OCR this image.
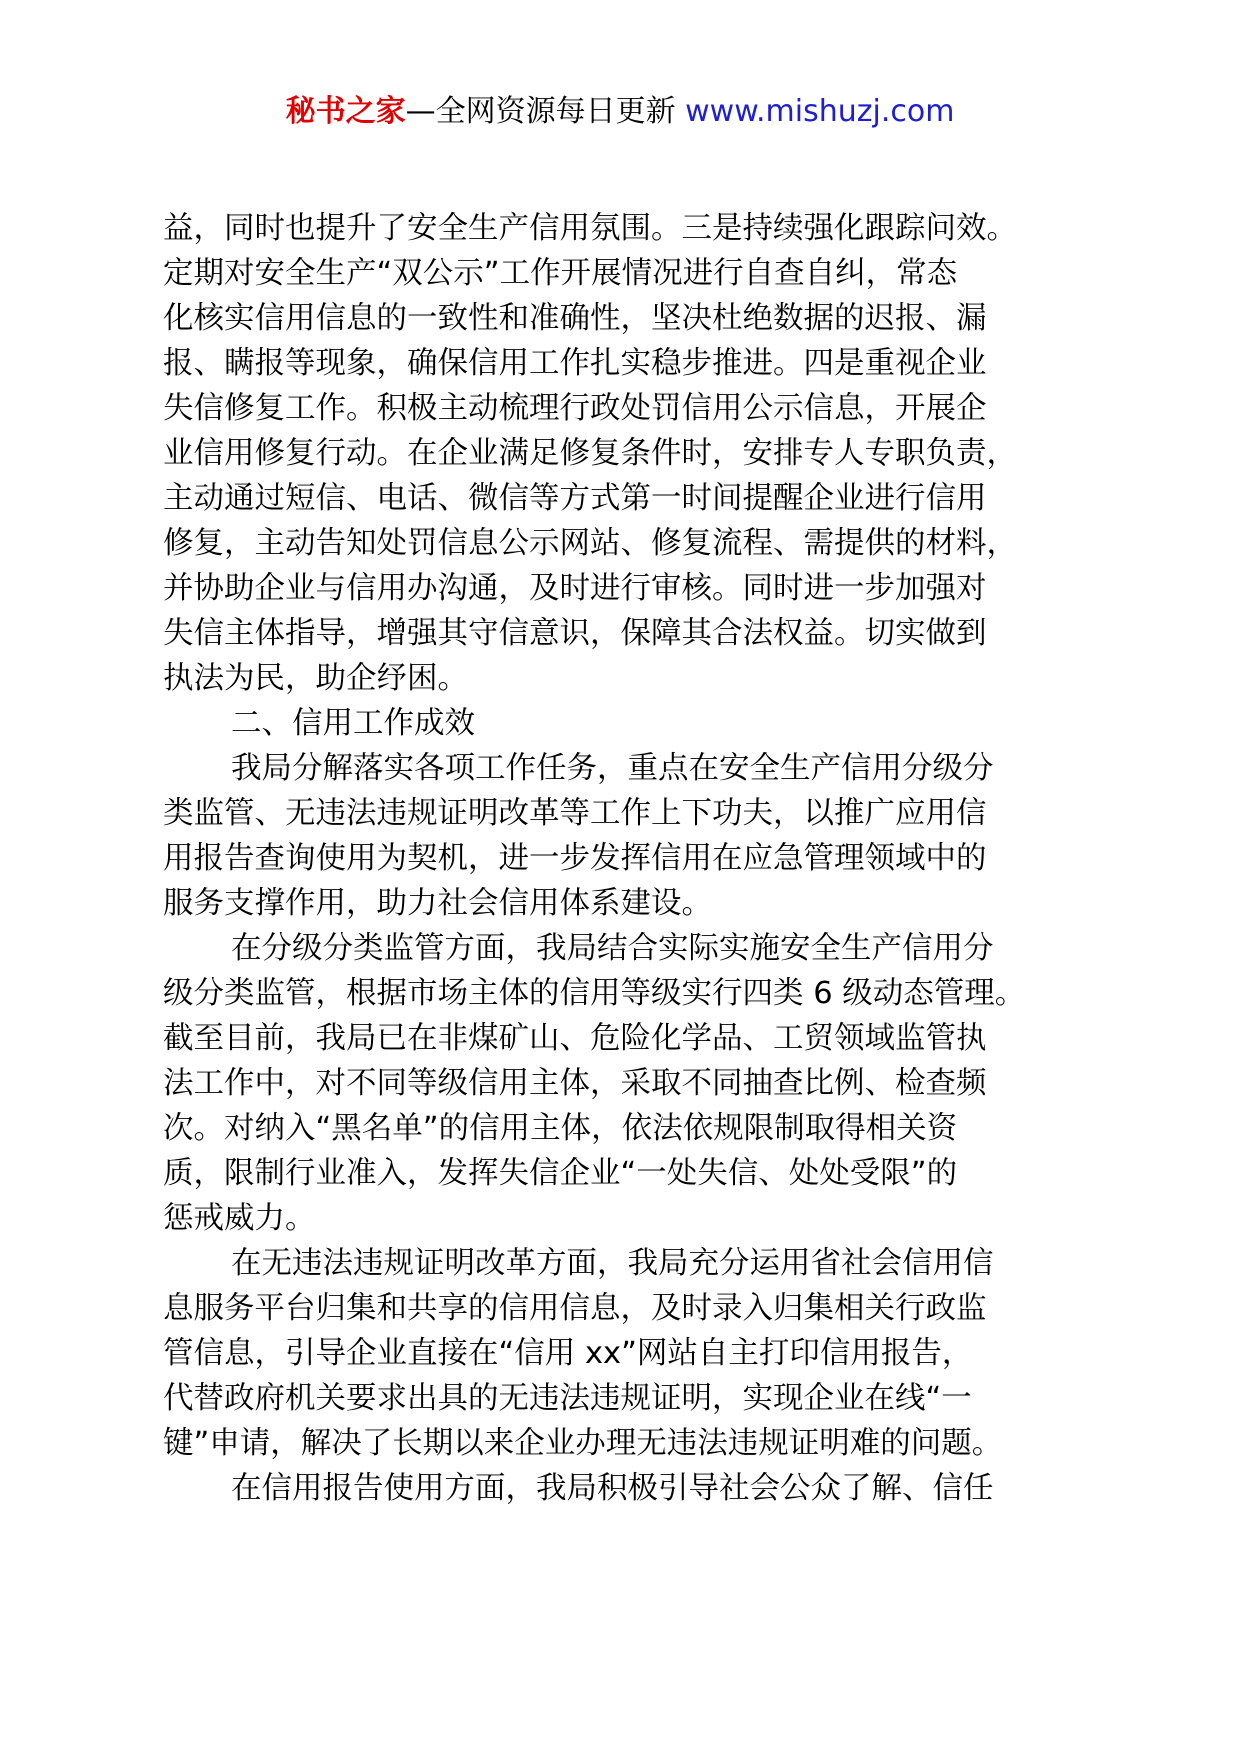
秘书之家—全网资源每日更新 www.mishuzj.com
益，同时也提升了安全生产信用氛围。三是持续强化跟踪问效。
定期对安全生产“双公示”工作开展情况进行自查自纠，常态
化核实信用信息的一致性和准确性，坚决杜绝数据的迟报、漏
报、瞒报等现象，确保信用工作扎实稳步推进。四是重视企业
失信修复工作。积极主动梳理行政处罚信用公示信息，开展企
业信用修复行动。在企业满足修复条件时，安排专人专职负责，
主动通过短信、电话、微信等方式第一时间提醒企业进行信用
修复，主动告知处罚信息公示网站、修复流程、需提供的材料，
并协助企业与信用办沟通，及时进行审核。同时进一步加强对
失信主体指导，增强其守信意识，保障其合法权益。切实做到
执法为民，助企纾困。
二、信用工作成效
我局分解落实各项工作任务，重点在安全生产信用分级分
类监管、无违法违规证明改革等工作上下功夫，以推广应用信
用报告查询使用为契机，进一步发挥信用在应急管理领域中的
服务支撑作用，助力社会信用体系建设。
在分级分类监管方面，我局结合实际实施安全生产信用分
级分类监管，根据市场主体的信用等级实行四类 6 级动态管理。
截至目前，我局已在非煤矿山、危险化学品、工贸领域监管执
法工作中，对不同等级信用主体，采取不同抽查比例、检查频
次。对纳入“黑名单”的信用主体，依法依规限制取得相关资
质，限制行业准入，发挥失信企业“一处失信、处处受限”的
惩戒威力。
在无违法违规证明改革方面，我局充分运用省社会信用信
息服务平台归集和共享的信用信息，及时录入归集相关行政监
管信息，引导企业直接在“信用 xx”网站自主打印信用报告，
代替政府机关要求出具的无违法违规证明，实现企业在线“一
键”申请，解决了长期以来企业办理无违法违规证明难的问题。
在信用报告使用方面，我局积极引导社会公众了解、信任
